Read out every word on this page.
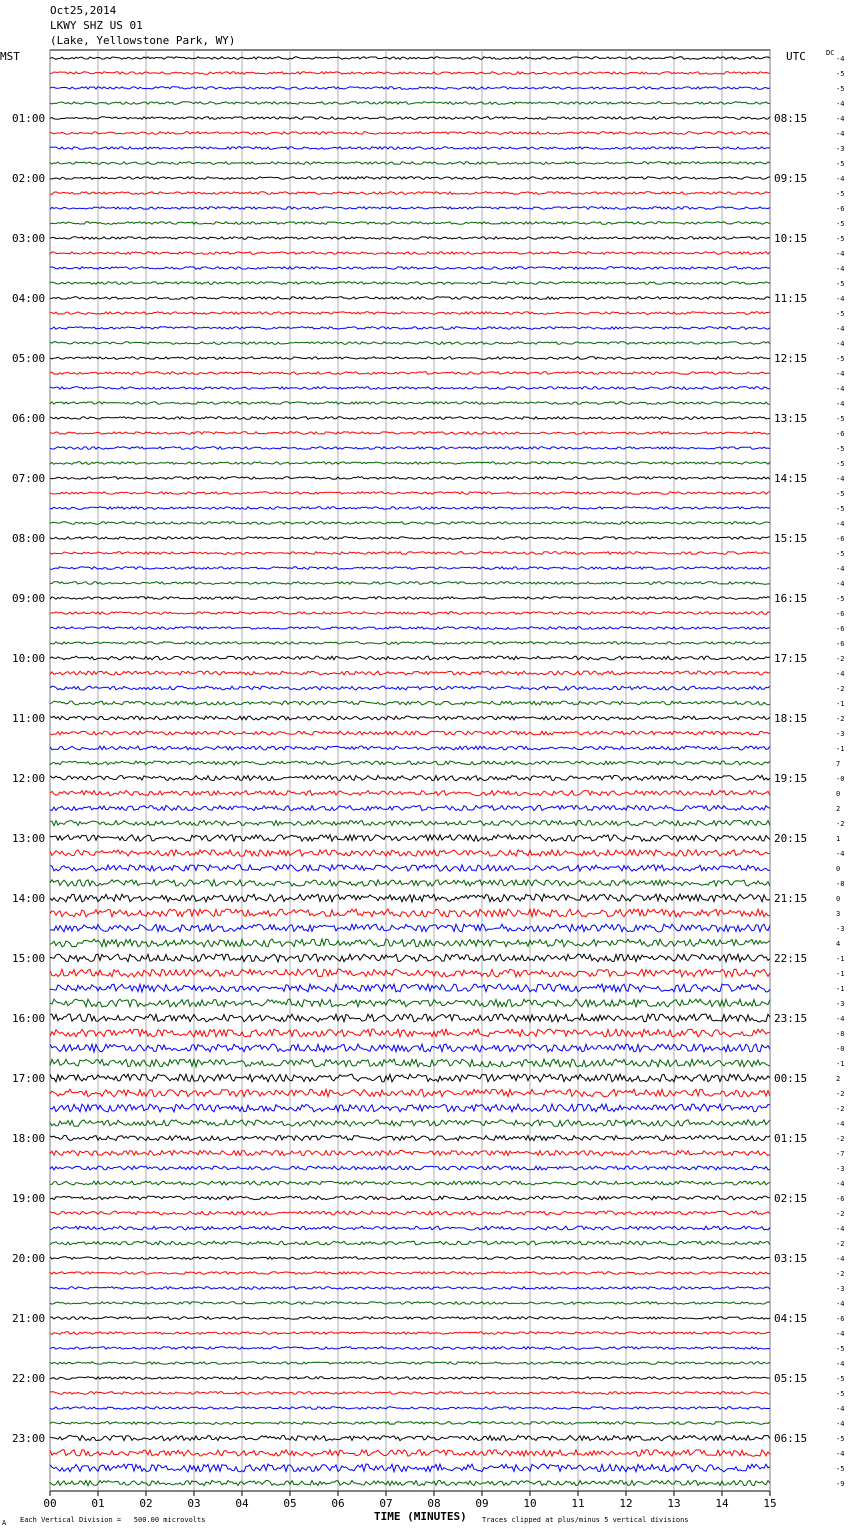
Oct25,2014
LKWY SHZ US 01
(Lake, Yellowstone Park, WY)
MST	UTC	DC
01:00
02:00
03:00
04:00
05:00
06:00
07:00
08:00
09:00
10:00
11:00
12:00
13:00
14:00
15:00
16:00
17:00
18:00
19:00
20:00
21:00
22:00
23:00
08:15
09:15
10:15
11:15
12:15
13:15
14:15
15:15
16:15
17:15
18:15
19:15
20:15
21:15
22:15
23:15
00:15
01:15
02:15
03:15
04:15
05:15
06:15
-4
-5
-5
-4
-4
-4
-3
-5
-4
-5
-6
-5
-5
-4
-4
-5
-4
-5
-4
-4
-5
-4
-4
-4
-5
-6
-5
-5
-4
-5
-5
-4
-6
-5
-4
-4
-5
-6
-6
-6
-2
-4
-2
-1
-2
-3
-1
7
-0
0
2
-2
1
-4
0
-8
0
3
-3
4
-1
-1
-1
-3
-4
-8
-0
-1
2
-2
-2
-4
-2
-7
-3
-4
-6
-2
-4
-2
-4
-2
-3
-4
-6
-4
-5
-4
-5
-5
-4
-4
-5
-4
-5
-9
00	01	02	03	04	05	06	07	08	09	10	11	12	13	14	15
TIME (MINUTES)
Each Vertical Division =   500.00 microvolts	Traces clipped at plus/minus 5 vertical divisions
A
